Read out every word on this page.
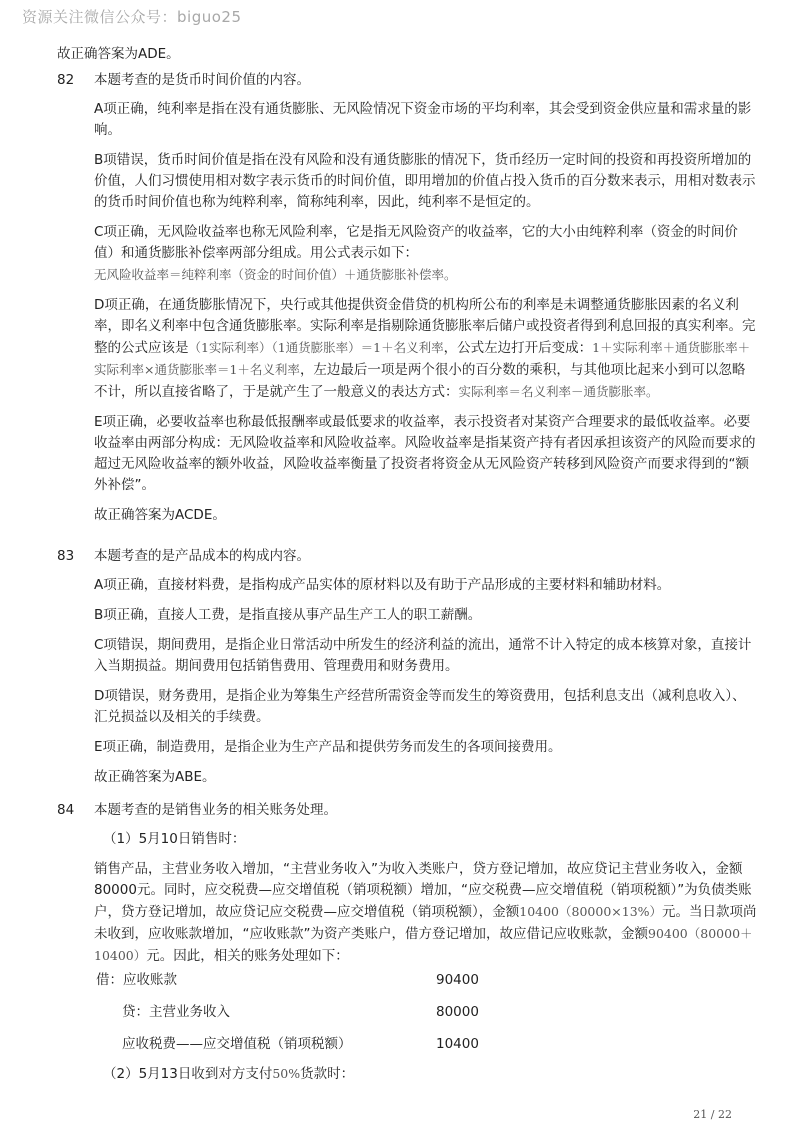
资源关注微信公众号：biguo25
故正确答案为ADE。
82	本题考查的是货币时间价值的内容。
A项正确，纯利率是指在没有通货膨胀、无风险情况下资金市场的平均利率，其会受到资金供应量和需求量的影响。
B项错误，货币时间价值是指在没有风险和没有通货膨胀的情况下，货币经历一定时间的投资和再投资所增加的价值，人们习惯使用相对数字表示货币的时间价值，即用增加的价值占投入货币的百分数来表示，用相对数表示的货币时间价值也称为纯粹利率，简称纯利率，因此，纯利率不是恒定的。
C项正确，无风险收益率也称无风险利率，它是指无风险资产的收益率，它的大小由纯粹利率（资金的时间价值）和通货膨胀补偿率两部分组成。用公式表示如下：
无风险收益率＝纯粹利率（资金的时间价值）＋通货膨胀补偿率。
D项正确，在通货膨胀情况下，央行或其他提供资金借贷的机构所公布的利率是未调整通货膨胀因素的名义利率，即名义利率中包含通货膨胀率。实际利率是指剔除通货膨胀率后储户或投资者得到利息回报的真实利率。完整的公式应该是（1实际利率）（1通货膨胀率）＝1＋名义利率，公式左边打开后变成：1＋实际利率＋通货膨胀率＋实际利率×通货膨胀率＝1＋名义利率，左边最后一项是两个很小的百分数的乘积，与其他项比起来小到可以忽略不计，所以直接省略了，于是就产生了一般意义的表达方式：实际利率＝名义利率－通货膨胀率。
E项正确，必要收益率也称最低报酬率或最低要求的收益率，表示投资者对某资产合理要求的最低收益率。必要收益率由两部分构成：无风险收益率和风险收益率。风险收益率是指某资产持有者因承担该资产的风险而要求的超过无风险收益率的额外收益，风险收益率衡量了投资者将资金从无风险资产转移到风险资产而要求得到的“额外补偿”。
故正确答案为ACDE。
83	本题考查的是产品成本的构成内容。
A项正确，直接材料费，是指构成产品实体的原材料以及有助于产品形成的主要材料和辅助材料。
B项正确，直接人工费，是指直接从事产品生产工人的职工薪酬。
C项错误，期间费用，是指企业日常活动中所发生的经济利益的流出，通常不计入特定的成本核算对象，直接计入当期损益。期间费用包括销售费用、管理费用和财务费用。
D项错误，财务费用，是指企业为筹集生产经营所需资金等而发生的筹资费用，包括利息支出（减利息收入）、汇兑损益以及相关的手续费。
E项正确，制造费用，是指企业为生产产品和提供劳务而发生的各项间接费用。
故正确答案为ABE。
84	本题考查的是销售业务的相关账务处理。
（1）5月10日销售时：
销售产品，主营业务收入增加，“主营业务收入”为收入类账户，贷方登记增加，故应贷记主营业务收入，金额80000元。同时，应交税费—应交增值税（销项税额）增加，“应交税费—应交增值税（销项税额）”为负债类账户，贷方登记增加，故应贷记应交税费—应交增值税（销项税额），金额10400（80000×13%）元。当日款项尚未收到，应收账款增加，“应收账款”为资产类账户，借方登记增加，故应借记应收账款，金额90400（80000＋10400）元。因此，相关的账务处理如下：
借：应收账款	90400
贷：主营业务收入	80000
应收税费——应交增值税（销项税额）	10400
（2）5月13日收到对方支付50%货款时：
21 / 22
